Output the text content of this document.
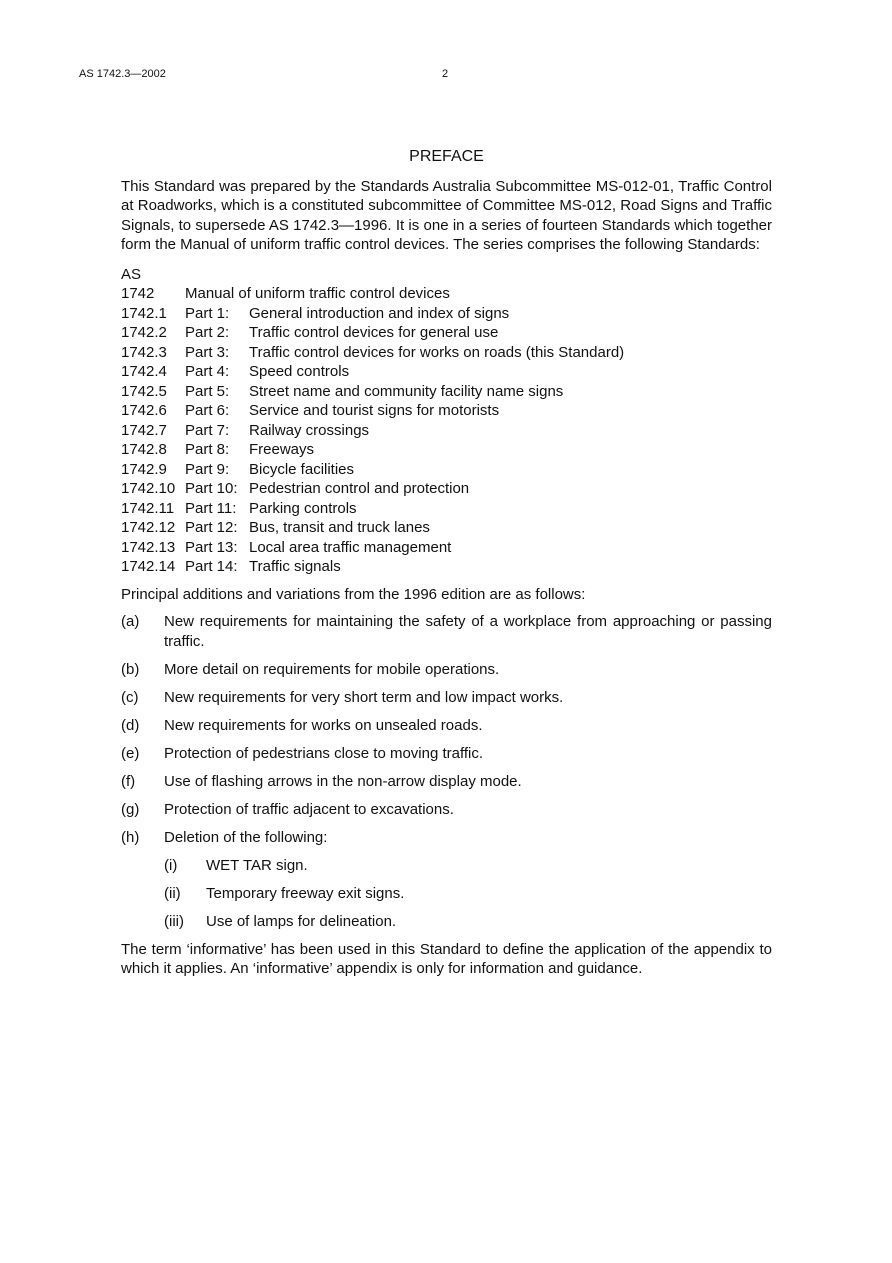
AS 1742.3—2002	2
PREFACE

This Standard was prepared by the Standards Australia Subcommittee MS-012-01, Traffic Control at Roadworks, which is a constituted subcommittee of Committee MS-012, Road Signs and Traffic Signals, to supersede AS 1742.3—1996. It is one in a series of fourteen Standards which together form the Manual of uniform traffic control devices. The series comprises the following Standards:

AS
1742	Manual of uniform traffic control devices
1742.1	Part 1:	General introduction and index of signs
1742.2	Part 2:	Traffic control devices for general use
1742.3	Part 3:	Traffic control devices for works on roads (this Standard)
1742.4	Part 4:	Speed controls
1742.5	Part 5:	Street name and community facility name signs
1742.6	Part 6:	Service and tourist signs for motorists
1742.7	Part 7:	Railway crossings
1742.8	Part 8:	Freeways
1742.9	Part 9:	Bicycle facilities
1742.10 Part 10: Pedestrian control and protection
1742.11 Part 11: Parking controls
1742.12 Part 12: Bus, transit and truck lanes
1742.13 Part 13: Local area traffic management
1742.14 Part 14: Traffic signals

Principal additions and variations from the 1996 edition are as follows:

(a)	New requirements for maintaining the safety of a workplace from approaching or passing traffic.
(b)	More detail on requirements for mobile operations.
(c)	New requirements for very short term and low impact works.
(d)	New requirements for works on unsealed roads.
(e)	Protection of pedestrians close to moving traffic.
(f)	Use of flashing arrows in the non-arrow display mode.
(g)	Protection of traffic adjacent to excavations.
(h)	Deletion of the following:
(i)	WET TAR sign.
(ii)	Temporary freeway exit signs.
(iii)	Use of lamps for delineation.

The term ‘informative’ has been used in this Standard to define the application of the appendix to which it applies. An ‘informative’ appendix is only for information and guidance.
